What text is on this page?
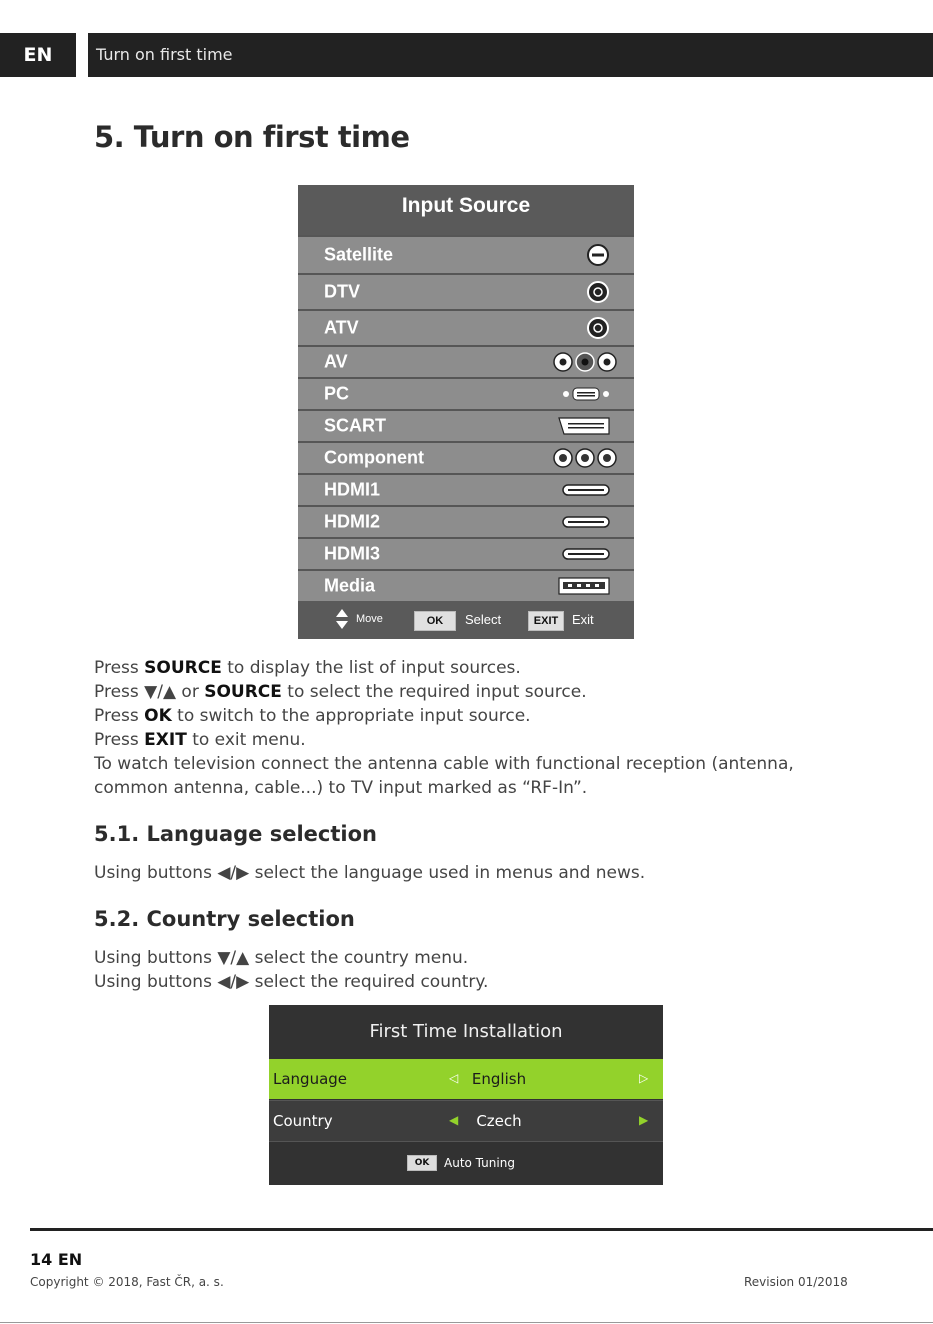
EN	Turn on first time
5. Turn on first time
Input Source
Satellite
DTV
ATV
AV
PC
SCART
Component
HDMI1
HDMI2
HDMI3
Media
Move	OK	Select	EXIT	Exit
Press SOURCE to display the list of input sources.
Press ▼/▲ or SOURCE to select the required input source.
Press OK to switch to the appropriate input source.
Press EXIT to exit menu.
To watch television connect the antenna cable with functional reception (antenna,
common antenna, cable...) to TV input marked as “RF-In”.
5.1. Language selection
Using buttons ◀/▶ select the language used in menus and news.
5.2. Country selection
Using buttons ▼/▲ select the country menu.
Using buttons ◀/▶ select the required country.
First Time Installation
Language	◁ English	▷
Country	◀ Czech	▶
OK	Auto Tuning
14 EN
Copyright © 2018, Fast ČR, a. s.	Revision 01/2018
